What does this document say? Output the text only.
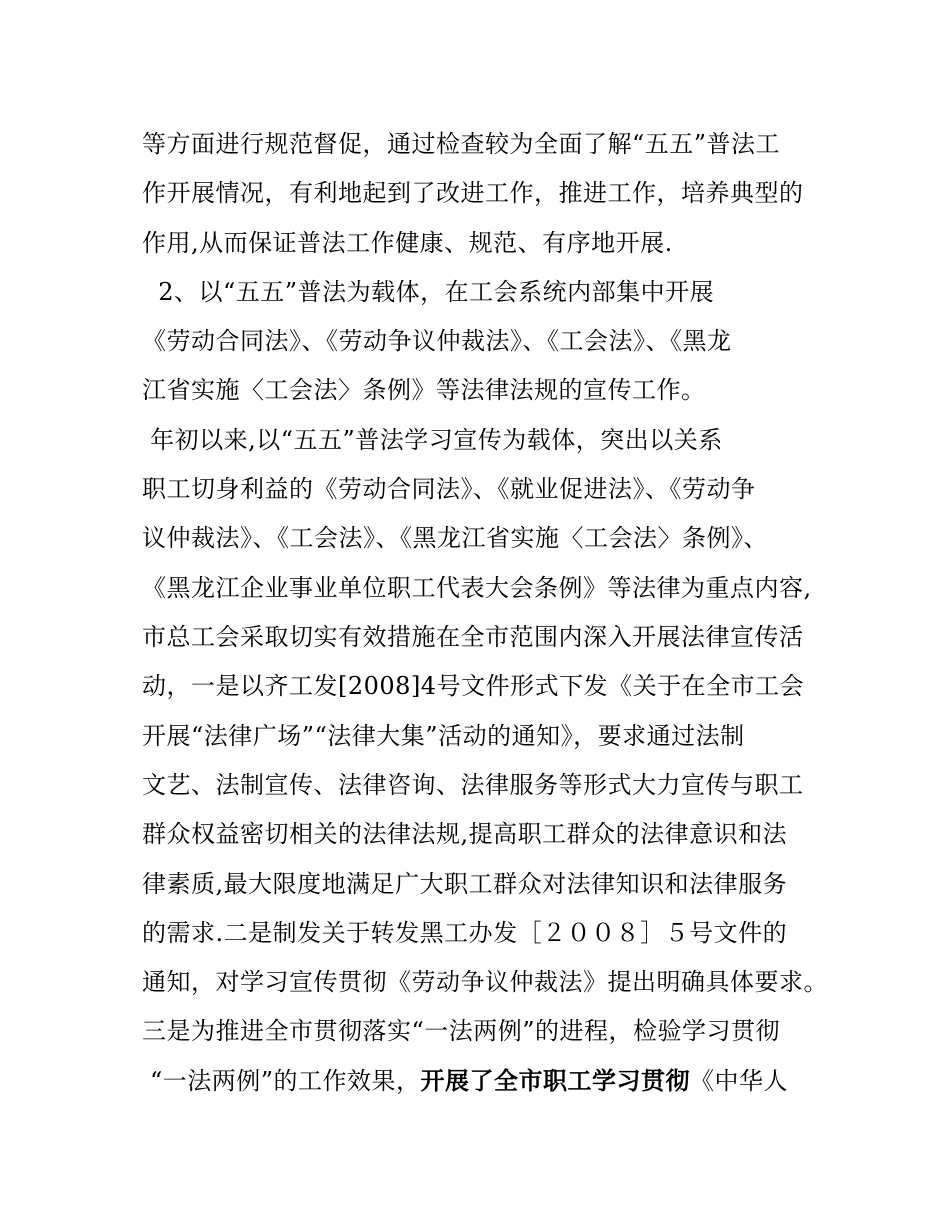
等方面进行规范督促，通过检查较为全面了解“五五”普法工
作开展情况，有利地起到了改进工作，推进工作，培养典型的
作用,从而保证普法工作健康、规范、有序地开展.
2、以“五五”普法为载体，在工会系统内部集中开展
《劳动合同法》、《劳动争议仲裁法》、《工会法》、《黑龙
江省实施〈工会法〉条例》等法律法规的宣传工作。
年初以来,以“五五”普法学习宣传为载体，突出以关系
职工切身利益的《劳动合同法》、《就业促进法》、《劳动争
议仲裁法》、《工会法》、《黑龙江省实施〈工会法〉条例》、
《黑龙江企业事业单位职工代表大会条例》等法律为重点内容,
市总工会采取切实有效措施在全市范围内深入开展法律宣传活
动，一是以齐工发[2008]4号文件形式下发《关于在全市工会
开展“法律广场”“法律大集”活动的通知》，要求通过法制
文艺、法制宣传、法律咨询、法律服务等形式大力宣传与职工
群众权益密切相关的法律法规,提高职工群众的法律意识和法
律素质,最大限度地满足广大职工群众对法律知识和法律服务
的需求.二是制发关于转发黑工办发［２００８］５号文件的
通知，对学习宣传贯彻《劳动争议仲裁法》提出明确具体要求。
三是为推进全市贯彻落实“一法两例”的进程，检验学习贯彻
“一法两例”的工作效果，开展了全市职工学习贯彻《中华人
